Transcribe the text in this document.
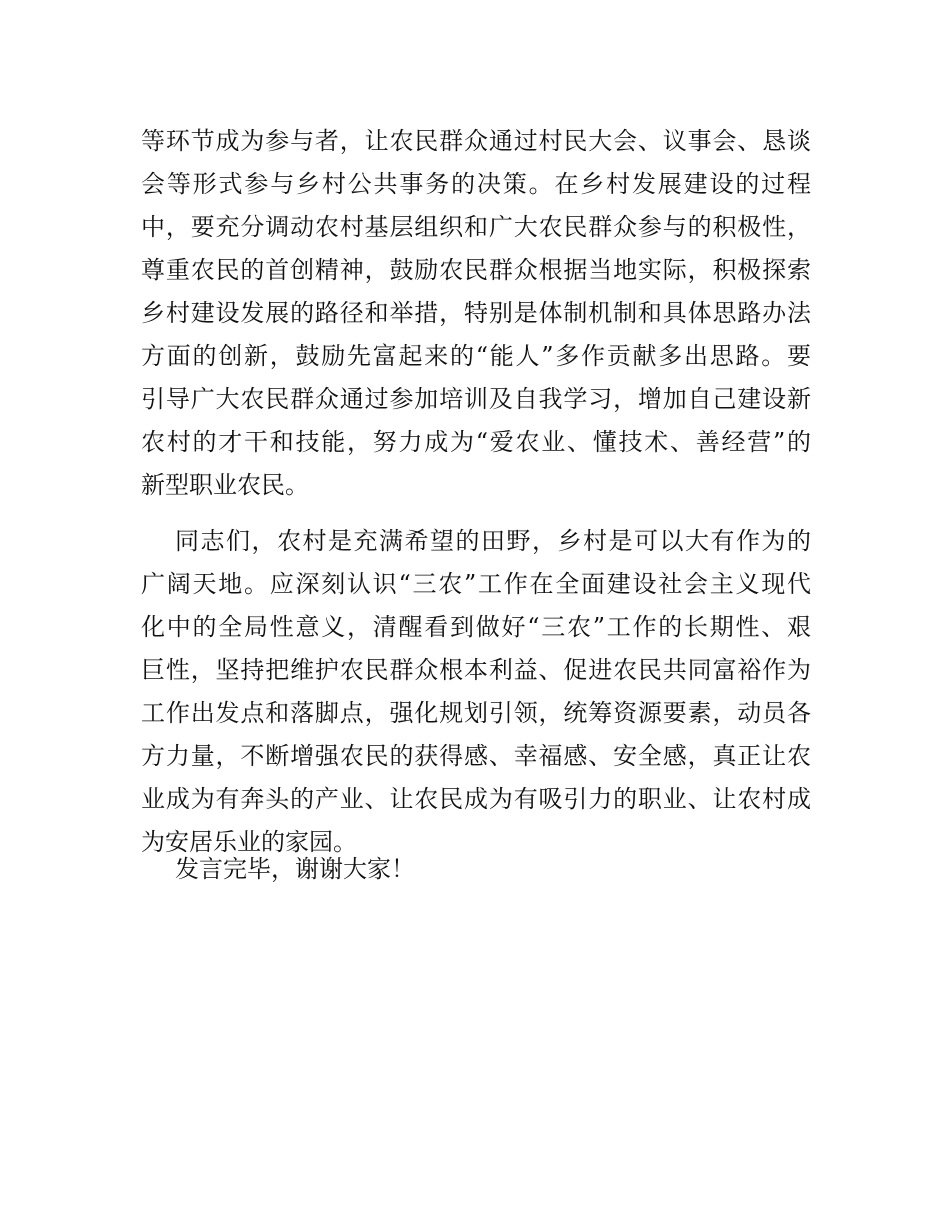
等环节成为参与者，让农民群众通过村民大会、议事会、恳谈
会等形式参与乡村公共事务的决策。在乡村发展建设的过程
中，要充分调动农村基层组织和广大农民群众参与的积极性，
尊重农民的首创精神，鼓励农民群众根据当地实际，积极探索
乡村建设发展的路径和举措，特别是体制机制和具体思路办法
方面的创新，鼓励先富起来的“能人”多作贡献多出思路。要
引导广大农民群众通过参加培训及自我学习，增加自己建设新
农村的才干和技能，努力成为“爱农业、懂技术、善经营”的
新型职业农民。
同志们，农村是充满希望的田野，乡村是可以大有作为的
广阔天地。应深刻认识“三农”工作在全面建设社会主义现代
化中的全局性意义，清醒看到做好“三农”工作的长期性、艰
巨性，坚持把维护农民群众根本利益、促进农民共同富裕作为
工作出发点和落脚点，强化规划引领，统筹资源要素，动员各
方力量，不断增强农民的获得感、幸福感、安全感，真正让农
业成为有奔头的产业、让农民成为有吸引力的职业、让农村成
为安居乐业的家园。
发言完毕，谢谢大家！
